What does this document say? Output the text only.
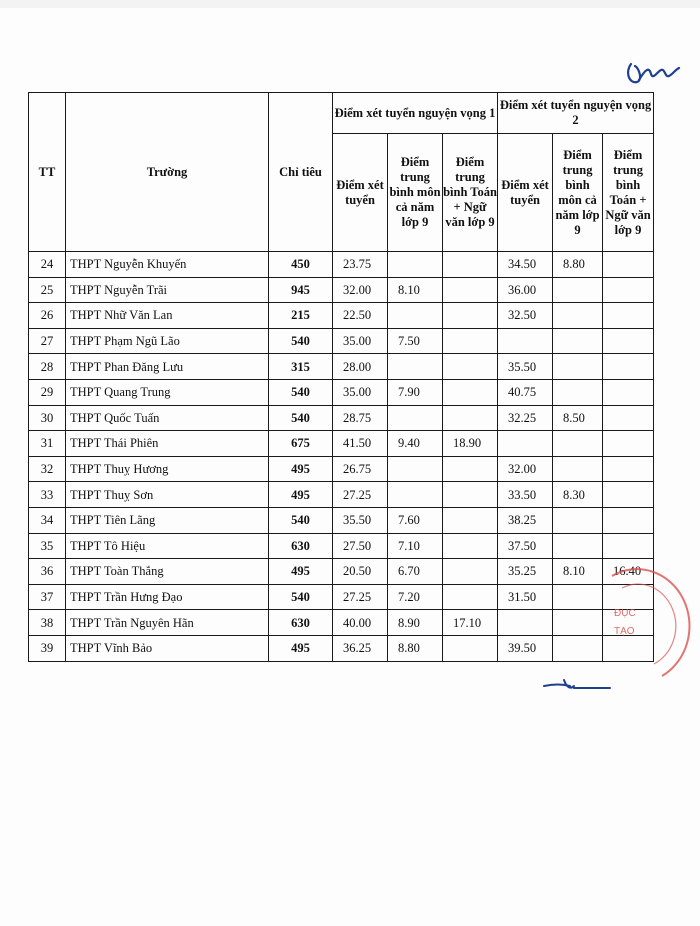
TT	Trường	Chỉ tiêu	Điểm xét tuyển nguyện vọng 1			Điểm xét tuyển nguyện vọng 2		
			Điểm xét tuyển	Điểm trung bình môn cả năm lớp 9	Điểm trung bình Toán + Ngữ văn lớp 9	Điểm xét tuyển	Điểm trung bình môn cả năm lớp 9	Điểm trung bình Toán + Ngữ văn lớp 9
24	THPT Nguyễn Khuyến	450	23.75			34.50	8.80	
25	THPT Nguyễn Trãi	945	32.00	8.10		36.00		
26	THPT Nhữ Văn Lan	215	22.50			32.50		
27	THPT Phạm Ngũ Lão	540	35.00	7.50				
28	THPT Phan Đăng Lưu	315	28.00			35.50		
29	THPT Quang Trung	540	35.00	7.90		40.75		
30	THPT Quốc Tuấn	540	28.75			32.25	8.50	
31	THPT Thái Phiên	675	41.50	9.40	18.90			
32	THPT Thuỵ Hương	495	26.75			32.00		
33	THPT Thuỵ Sơn	495	27.25			33.50	8.30	
34	THPT Tiên Lãng	540	35.50	7.60		38.25		
35	THPT Tô Hiệu	630	27.50	7.10		37.50		
36	THPT Toàn Thắng	495	20.50	6.70		35.25	8.10	16.40
37	THPT Trần Hưng Đạo	540	27.25	7.20		31.50		
38	THPT Trần Nguyên Hãn	630	40.00	8.90	17.10			
39	THPT Vĩnh Bảo	495	36.25	8.80		39.50		
ĐỤC
TẠO
